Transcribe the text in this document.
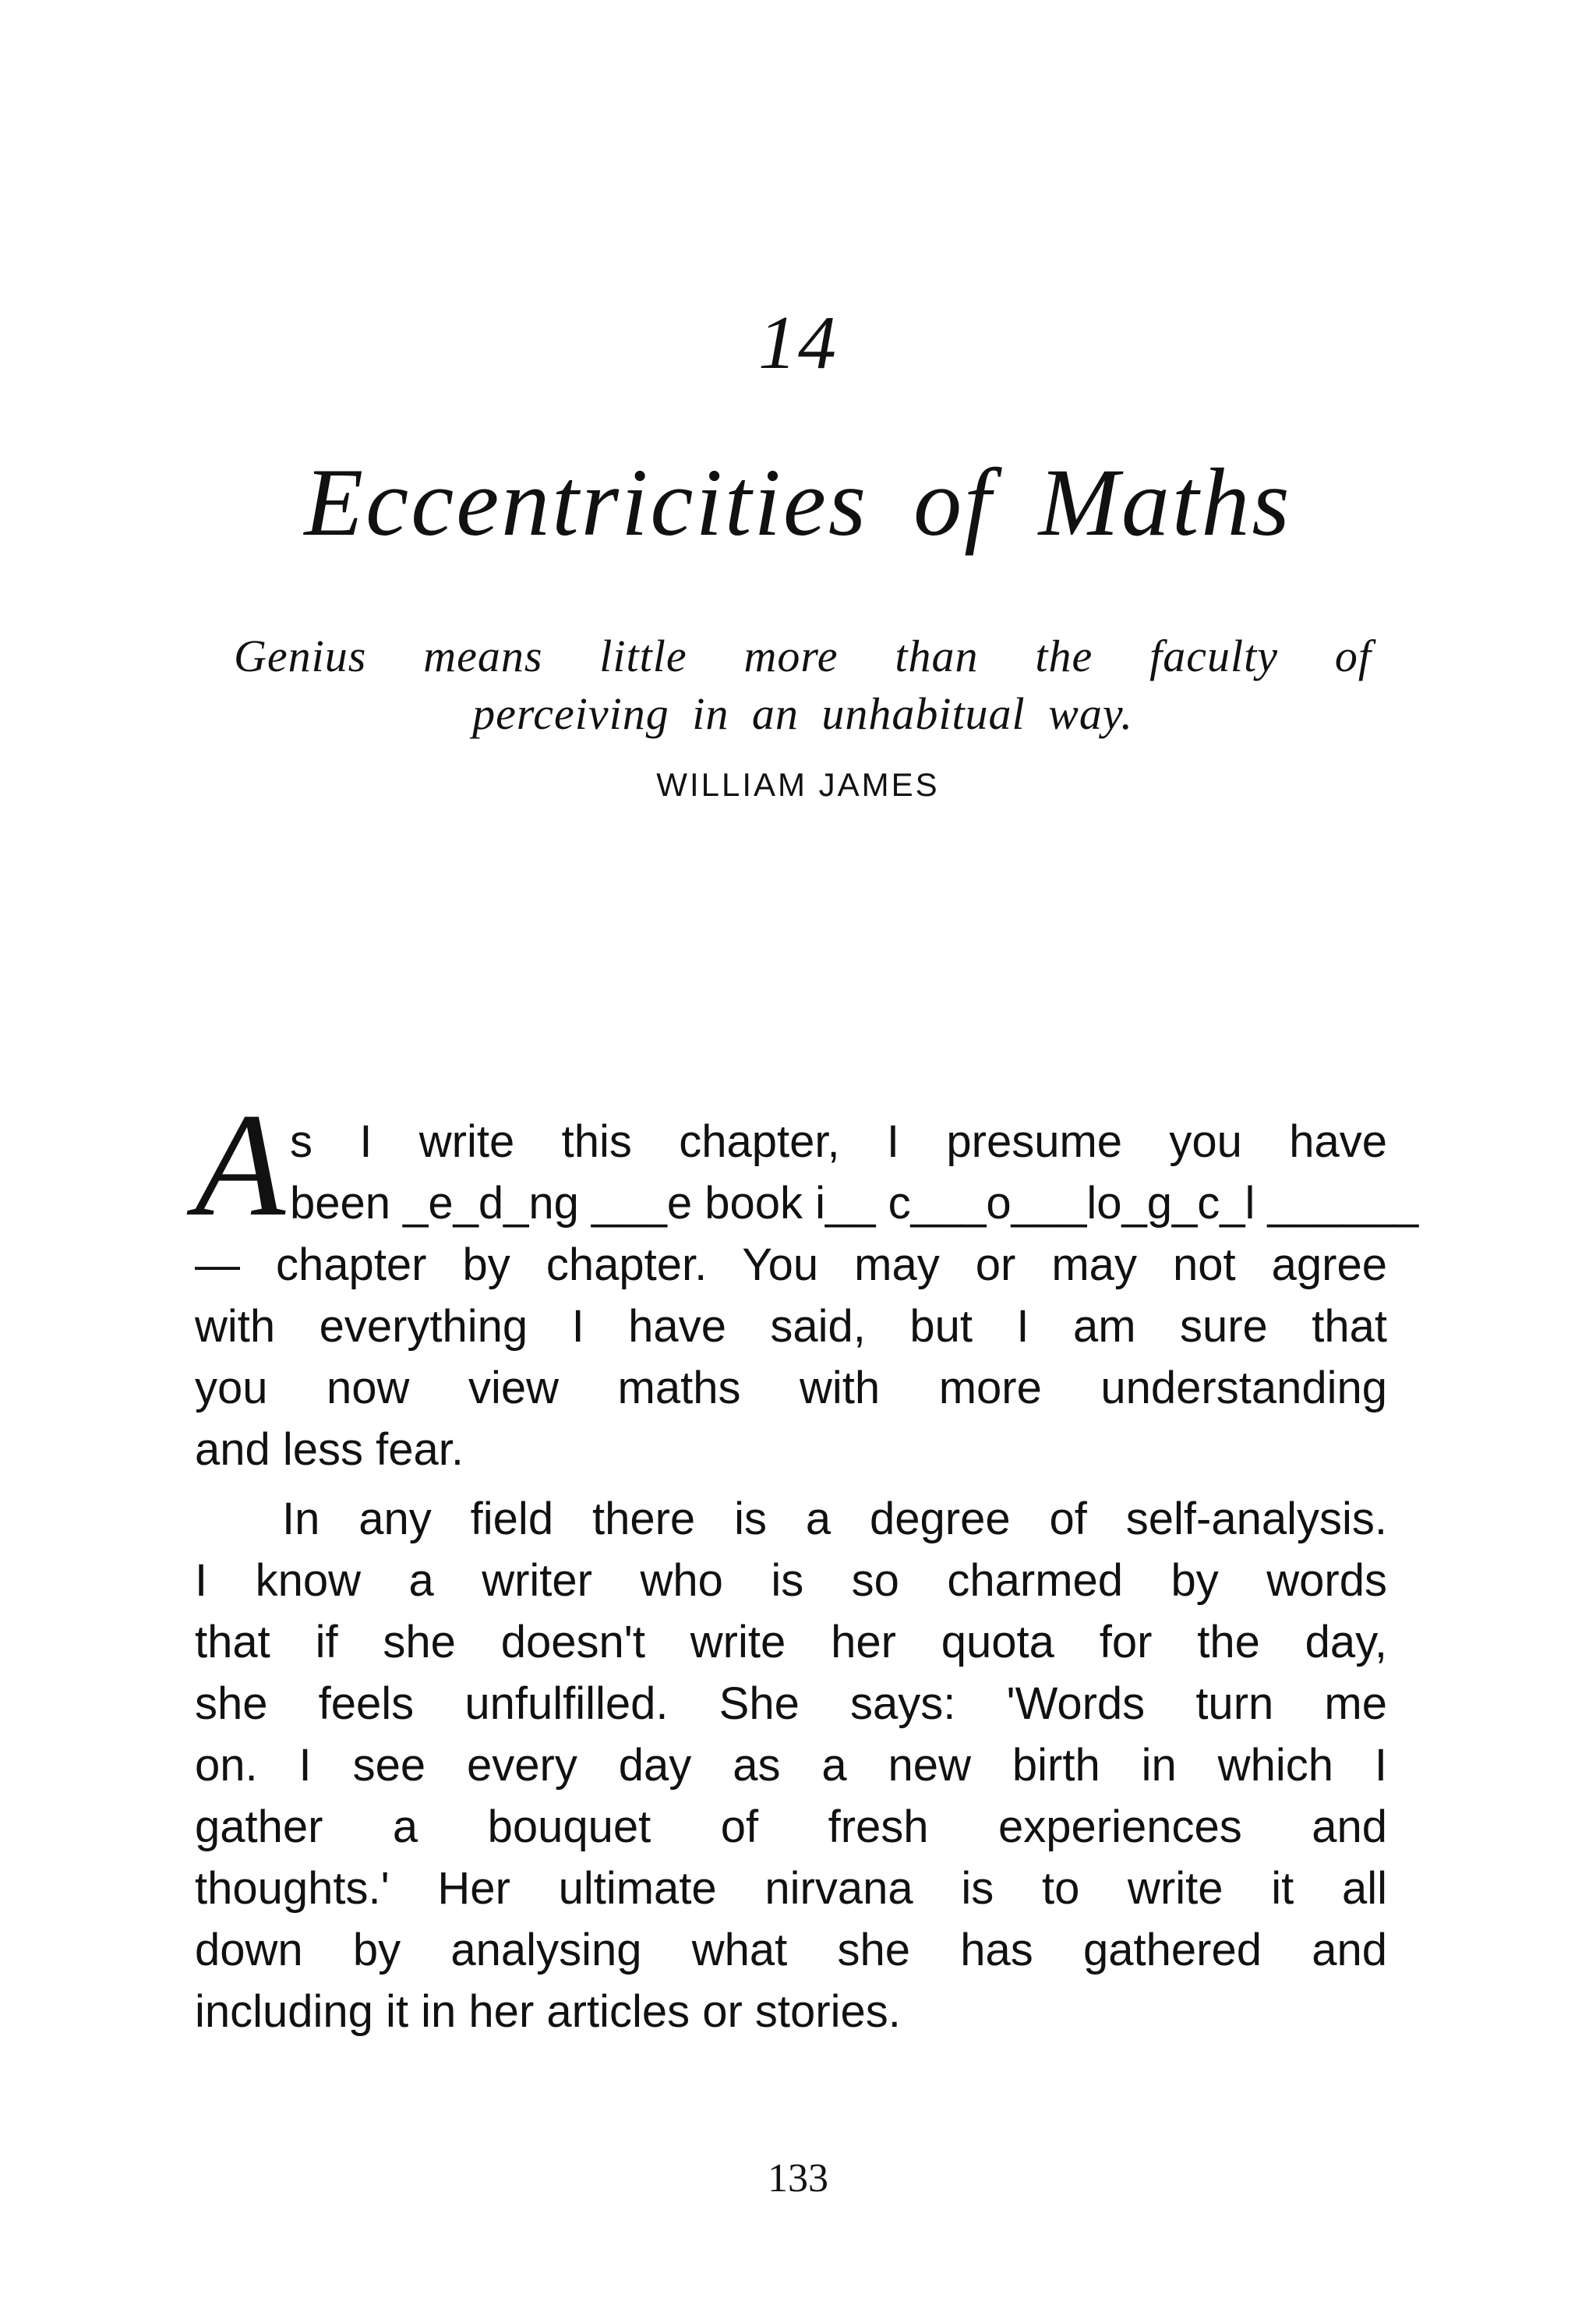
14
Eccentricities of Maths
Genius means little more than the faculty of
perceiving in an unhabitual way.
WILLIAM JAMES
A s I write this chapter, I presume you have
been _e_d_ng ___e book i__ c___o___lo_g_c_l ______
— chapter by chapter. You may or may not agree
with everything I have said, but I am sure that
you now view maths with more understanding
and less fear.
In any field there is a degree of self-analysis.
I know a writer who is so charmed by words
that if she doesn't write her quota for the day,
she feels unfulfilled. She says: 'Words turn me
on. I see every day as a new birth in which I
gather a bouquet of fresh experiences and
thoughts.' Her ultimate nirvana is to write it all
down by analysing what she has gathered and
including it in her articles or stories.
133
